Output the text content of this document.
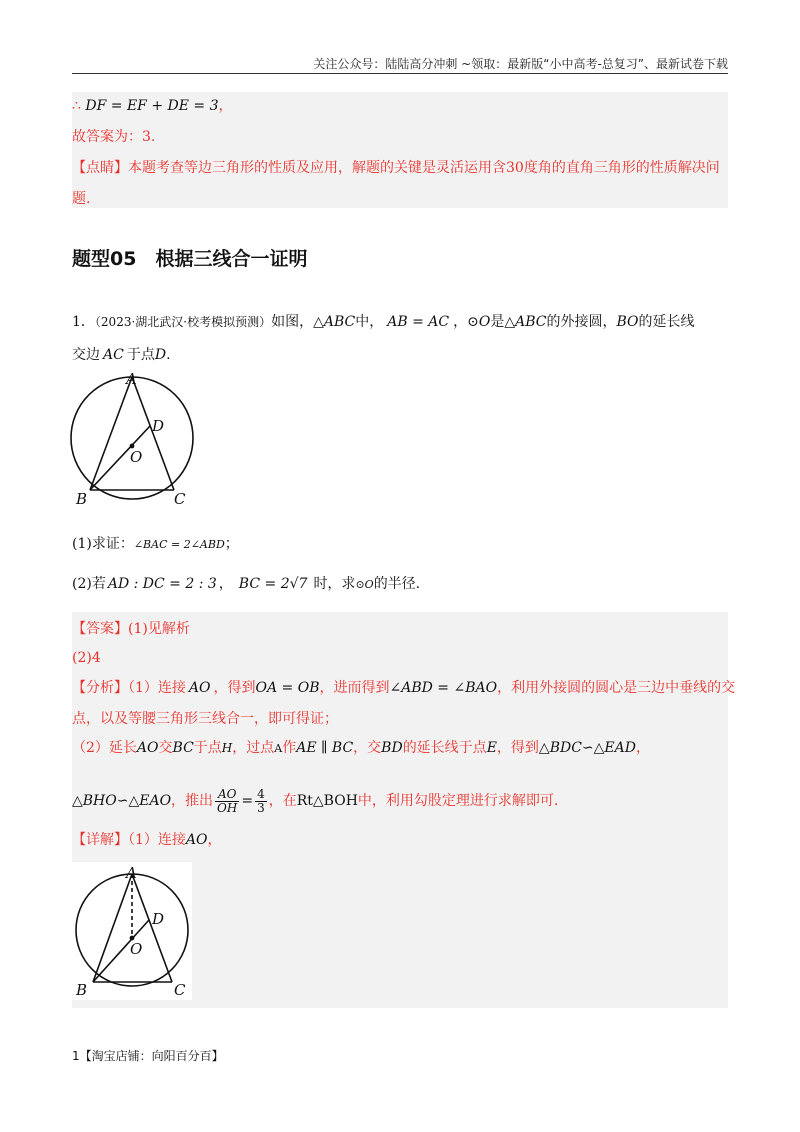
关注公众号：陆陆高分冲刺 ~领取：最新版“小中高考-总复习”、最新试卷下载
∴ DF = EF + DE = 3，
故答案为：3.
【点睛】本题考查等边三角形的性质及应用，解题的关键是灵活运用含30度角的直角三角形的性质解决问
题.
题型05　根据三线合一证明
1．（2023·湖北武汉·校考模拟预测）如图，△ABC中， AB = AC ，⊙O是△ABC的外接圆，BO的延长线
交边 AC 于点D.
A
B	C
D
O
(1)求证：∠BAC = 2∠ABD；
(2)若 AD : DC = 2 : 3 ， BC = 2√7 时，求⊙O的半径.
【答案】(1)见解析
(2)4
【分析】（1）连接 AO ，得到OA = OB，进而得到∠ABD = ∠BAO，利用外接圆的圆心是三边中垂线的交
点，以及等腰三角形三线合一，即可得证；
（2）延长AO交BC于点H，过点A作AE ∥ BC，交BD的延长线于点E，得到△BDC∽△EAD，
△BHO∽△EAO，推出 $\frac{AO}{OH} = \frac{4}{3}$ ，在Rt△BOH中，利用勾股定理进行求解即可.
【详解】（1）连接AO，
A
B	C
D
O
1【淘宝店铺：向阳百分百】
